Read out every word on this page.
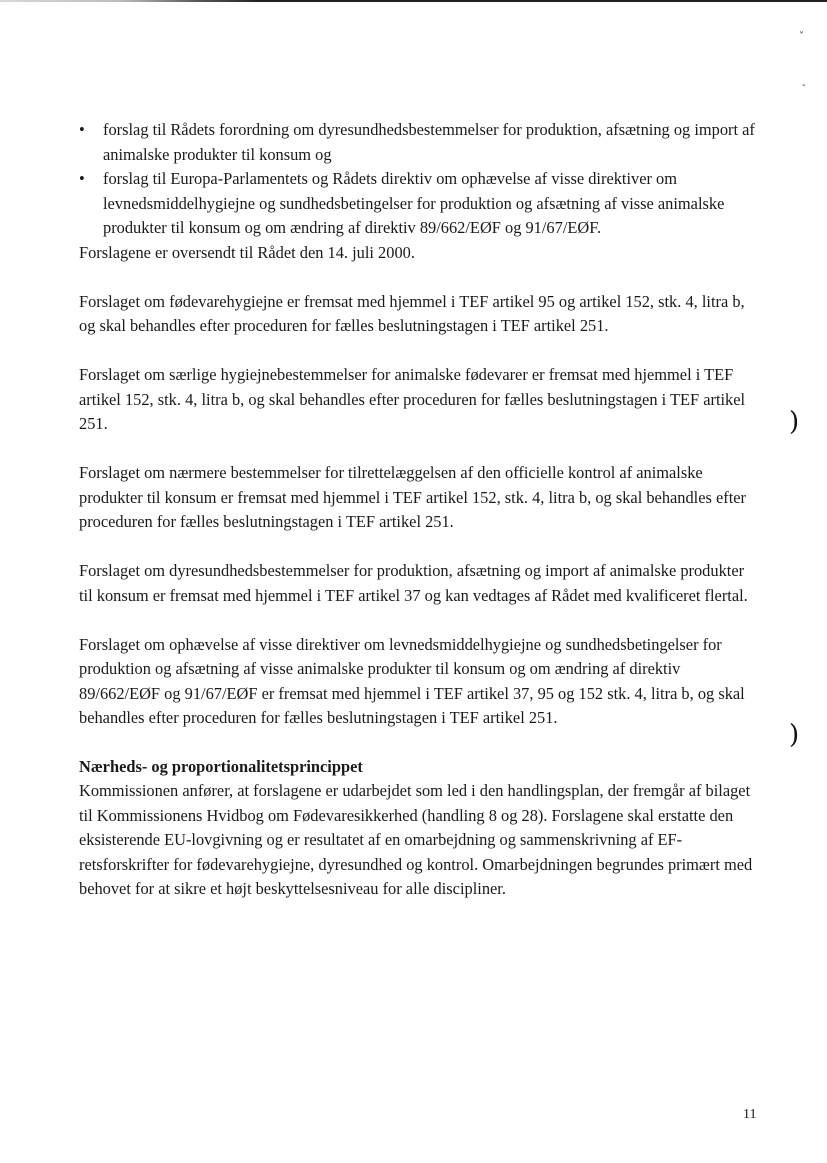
˅
-
)
)
• forslag til Rådets forordning om dyresundhedsbestemmelser for produktion, afsætning og import af animalske produkter til konsum og
• forslag til Europa-Parlamentets og Rådets direktiv om ophævelse af visse direktiver om levnedsmiddelhygiejne og sundhedsbetingelser for produktion og afsætning af visse animalske produkter til konsum og om ændring af direktiv 89/662/EØF og 91/67/EØF.

Forslagene er oversendt til Rådet den 14. juli 2000.

Forslaget om fødevarehygiejne er fremsat med hjemmel i TEF artikel 95 og artikel 152, stk. 4, litra b, og skal behandles efter proceduren for fælles beslutningstagen i TEF artikel 251.

Forslaget om særlige hygiejnebestemmelser for animalske fødevarer er fremsat med hjemmel i TEF artikel 152, stk. 4, litra b, og skal behandles efter proceduren for fælles beslutningstagen i TEF artikel 251.

Forslaget om nærmere bestemmelser for tilrettelæggelsen af den officielle kontrol af animalske produkter til konsum er fremsat med hjemmel i TEF artikel 152, stk. 4, litra b, og skal behandles efter proceduren for fælles beslutningstagen i TEF artikel 251.

Forslaget om dyresundhedsbestemmelser for produktion, afsætning og import af animalske produkter til konsum er fremsat med hjemmel i TEF artikel 37 og kan vedtages af Rådet med kvalificeret flertal.

Forslaget om ophævelse af visse direktiver om levnedsmiddelhygiejne og sundhedsbetingelser for produktion og afsætning af visse animalske produkter til konsum og om ændring af direktiv 89/662/EØF og 91/67/EØF er fremsat med hjemmel i TEF artikel 37, 95 og 152 stk. 4, litra b, og skal behandles efter proceduren for fælles beslutningstagen i TEF artikel 251.

Nærheds- og proportionalitetsprincippet

Kommissionen anfører, at forslagene er udarbejdet som led i den handlingsplan, der fremgår af bilaget til Kommissionens Hvidbog om Fødevaresikkerhed (handling 8 og 28). Forslagene skal erstatte den eksisterende EU-lovgivning og er resultatet af en omarbejdning og sammenskrivning af EF-retsforskrifter for fødevarehygiejne, dyresundhed og kontrol. Omarbejdningen begrundes primært med behovet for at sikre et højt beskyttelsesniveau for alle discipliner.

11
